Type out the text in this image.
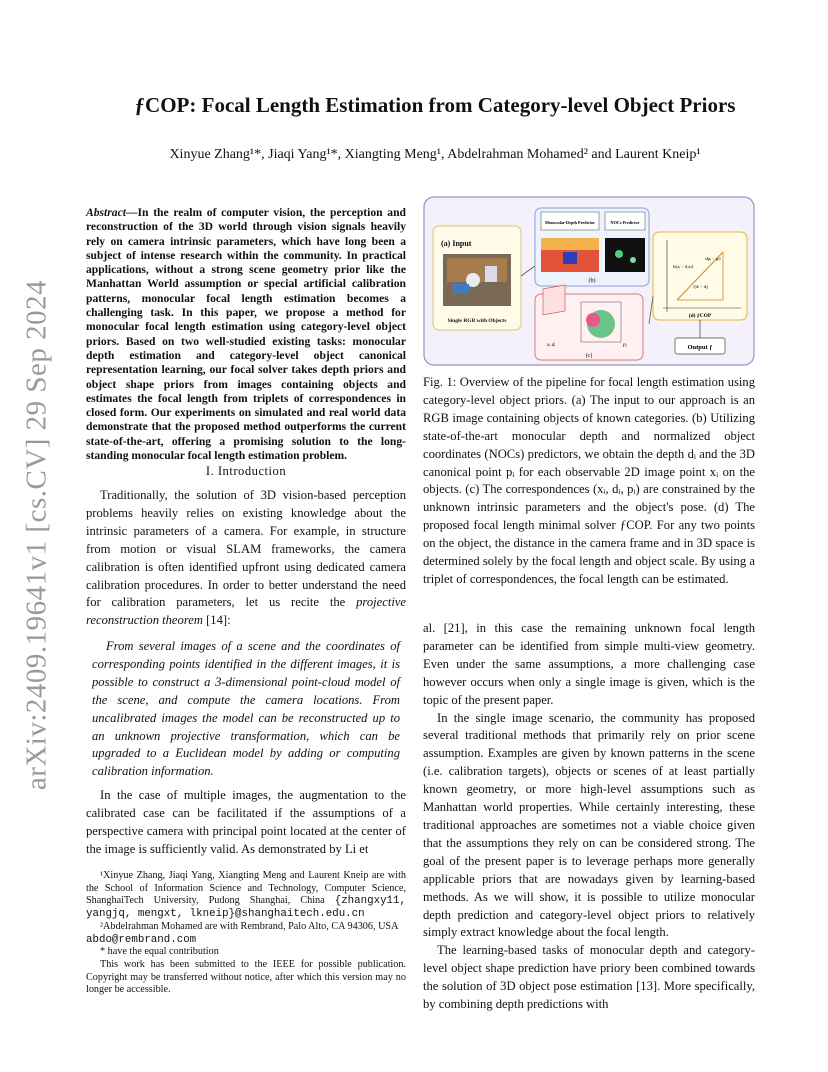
arXiv:2409.19641v1 [cs.CV] 29 Sep 2024
ƒCOP: Focal Length Estimation from Category-level Object Priors
Xinyue Zhang¹*, Jiaqi Yang¹*, Xiangting Meng¹, Abdelrahman Mohamed² and Laurent Kneip¹

Abstract—In the realm of computer vision, the perception and reconstruction of the 3D world through vision signals heavily rely on camera intrinsic parameters, which have long been a subject of intense research within the community. In practical applications, without a strong scene geometry prior like the Manhattan World assumption or special artificial calibration patterns, monocular focal length estimation becomes a challenging task. In this paper, we propose a method for monocular focal length estimation using category-level object priors. Based on two well-studied existing tasks: monocular depth estimation and category-level object canonical representation learning, our focal solver takes depth priors and object shape priors from images containing objects and estimates the focal length from triplets of correspondences in closed form. Our experiments on simulated and real world data demonstrate that the proposed method outperforms the current state-of-the-art, offering a promising solution to the long-standing monocular focal length estimation problem.

I. Introduction

Traditionally, the solution of 3D vision-based perception problems heavily relies on existing knowledge about the intrinsic parameters of a camera. For example, in structure from motion or visual SLAM frameworks, the camera calibration is often identified upfront using dedicated camera calibration procedures. In order to better understand the need for calibration parameters, let us recite the projective reconstruction theorem [14]:

From several images of a scene and the coordinates of corresponding points identified in the different images, it is possible to construct a 3-dimensional point-cloud model of the scene, and compute the camera locations. From uncalibrated images the model can be reconstructed up to an unknown projective transformation, which can be upgraded to a Euclidean model by adding or computing calibration information.

In the case of multiple images, the augmentation to the calibrated case can be facilitated if the assumptions of a perspective camera with principal point located at the center of the image is sufficiently valid. As demonstrated by Li et

¹Xinyue Zhang, Jiaqi Yang, Xiangting Meng and Laurent Kneip are with the School of Information Science and Technology, Computer Science, ShanghaiTech University, Pudong Shanghai, China {zhangxy11, yangjq, mengxt, lkneip}@shanghaitech.edu.cn

²Abdelrahman Mohamed are with Rembrand, Palo Alto, CA 94306, USA
abdo@rembrand.com

* have the equal contribution

This work has been submitted to the IEEE for possible publication. Copyright may be transferred without notice, after which this version may no longer be accessible.

(a) Input
Single RGB with Objects
Monocular-Depth Predictor	NOCs Predictor
(b)
xᵢ dᵢ	pᵢ
(c)
‖dᵢxᵢ − dⱼxⱼ‖
s‖pᵢ − pⱼ‖
ƒ|dᵢ − dⱼ|
(d) ƒCOP
Output ƒ
Fig. 1: Overview of the pipeline for focal length estimation using category-level object priors. (a) The input to our approach is an RGB image containing objects of known categories. (b) Utilizing state-of-the-art monocular depth and normalized object coordinates (NOCs) predictors, we obtain the depth dᵢ and the 3D canonical point pᵢ for each observable 2D image point xᵢ on the objects. (c) The correspondences (xᵢ, dᵢ, pᵢ) are constrained by the unknown intrinsic parameters and the object's pose. (d) The proposed focal length minimal solver ƒCOP. For any two points on the object, the distance in the camera frame and in 3D space is determined solely by the focal length and object scale. By using a triplet of correspondences, the focal length can be estimated.

al. [21], in this case the remaining unknown focal length parameter can be identified from simple multi-view geometry. Even under the same assumptions, a more challenging case however occurs when only a single image is given, which is the topic of the present paper.

In the single image scenario, the community has proposed several traditional methods that primarily rely on prior scene assumption. Examples are given by known patterns in the scene (i.e. calibration targets), objects or scenes of at least partially known geometry, or more high-level assumptions such as Manhattan world properties. While certainly interesting, these traditional approaches are sometimes not a viable choice given that the assumptions they rely on can be considered strong. The goal of the present paper is to leverage perhaps more generally applicable priors that are nowadays given by learning-based methods. As we will show, it is possible to utilize monocular depth prediction and category-level object priors to relatively simply extract knowledge about the focal length.

The learning-based tasks of monocular depth and category-level object shape prediction have priory been combined towards the solution of 3D object pose estimation [13]. More specifically, by combining depth predictions with
